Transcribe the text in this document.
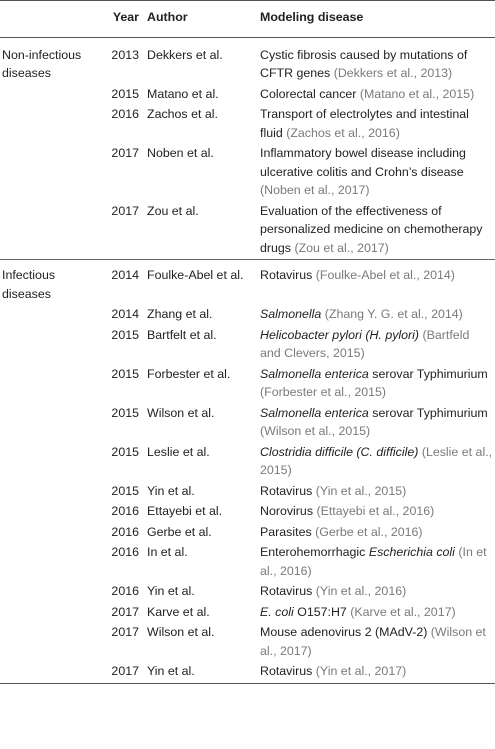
	Year	Author	Modeling disease
Non-infectious diseases	2013	Dekkers et al.	Cystic fibrosis caused by mutations of CFTR genes (Dekkers et al., 2013)
	2015	Matano et al.	Colorectal cancer (Matano et al., 2015)
	2016	Zachos et al.	Transport of electrolytes and intestinal fluid (Zachos et al., 2016)
	2017	Noben et al.	Inflammatory bowel disease including ulcerative colitis and Crohn’s disease (Noben et al., 2017)
	2017	Zou et al.	Evaluation of the effectiveness of personalized medicine on chemotherapy drugs (Zou et al., 2017)
Infectious diseases	2014	Foulke-Abel et al.	Rotavirus (Foulke-Abel et al., 2014)
	2014	Zhang et al.	Salmonella (Zhang Y. G. et al., 2014)
	2015	Bartfelt et al.	Helicobacter pylori (H. pylori) (Bartfeld and Clevers, 2015)
	2015	Forbester et al.	Salmonella enterica serovar Typhimurium (Forbester et al., 2015)
	2015	Wilson et al.	Salmonella enterica serovar Typhimurium (Wilson et al., 2015)
	2015	Leslie et al.	Clostridia difficile (C. difficile) (Leslie et al., 2015)
	2015	Yin et al.	Rotavirus (Yin et al., 2015)
	2016	Ettayebi et al.	Norovirus (Ettayebi et al., 2016)
	2016	Gerbe et al.	Parasites (Gerbe et al., 2016)
	2016	In et al.	Enterohemorrhagic Escherichia coli (In et al., 2016)
	2016	Yin et al.	Rotavirus (Yin et al., 2016)
	2017	Karve et al.	E. coli O157:H7 (Karve et al., 2017)
	2017	Wilson et al.	Mouse adenovirus 2 (MAdV-2) (Wilson et al., 2017)
	2017	Yin et al.	Rotavirus (Yin et al., 2017)
